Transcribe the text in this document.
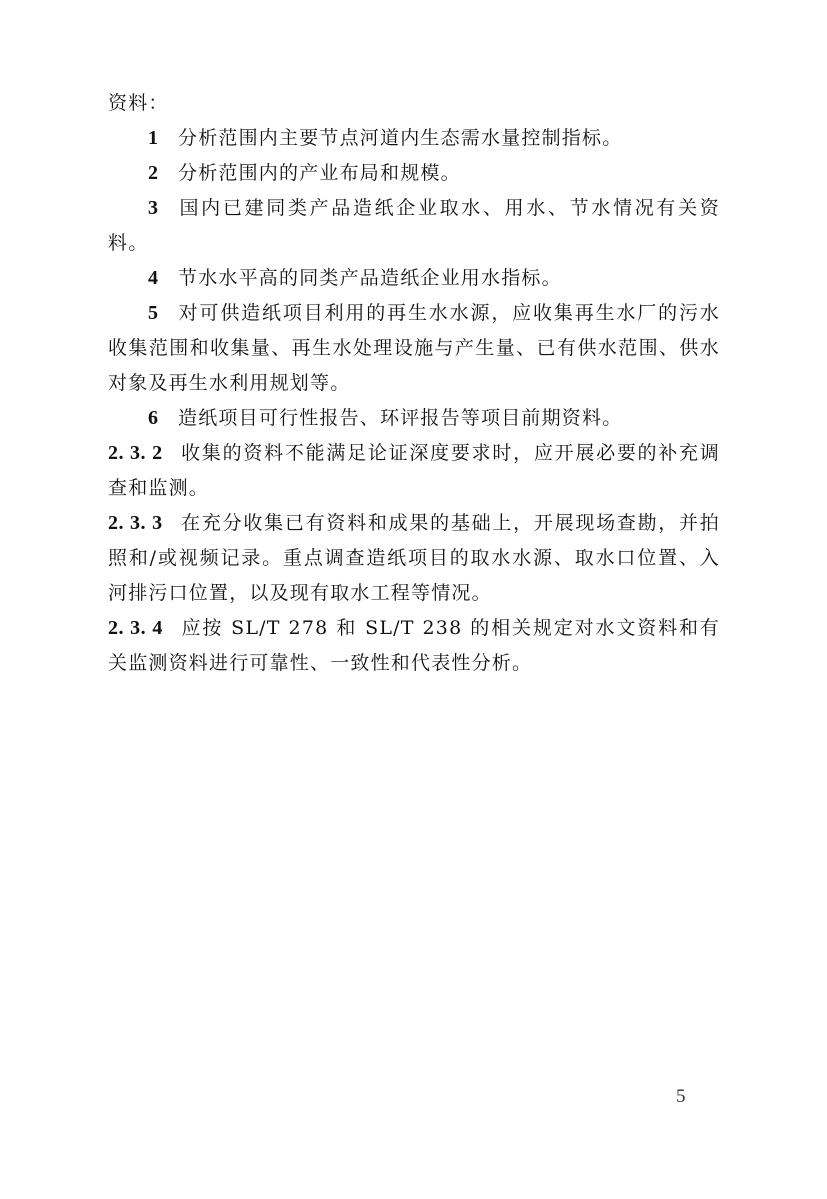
资料：

1 分析范围内主要节点河道内生态需水量控制指标。

2 分析范围内的产业布局和规模。

3 国内已建同类产品造纸企业取水、用水、节水情况有关资料。

4 节水水平高的同类产品造纸企业用水指标。

5 对可供造纸项目利用的再生水水源，应收集再生水厂的污水收集范围和收集量、再生水处理设施与产生量、已有供水范围、供水对象及再生水利用规划等。

6 造纸项目可行性报告、环评报告等项目前期资料。

2. 3. 2 收集的资料不能满足论证深度要求时，应开展必要的补充调查和监测。

2. 3. 3 在充分收集已有资料和成果的基础上，开展现场查勘，并拍照和/或视频记录。重点调查造纸项目的取水水源、取水口位置、入河排污口位置，以及现有取水工程等情况。

2. 3. 4 应按 SL/T 278 和 SL/T 238 的相关规定对水文资料和有关监测资料进行可靠性、一致性和代表性分析。

5
